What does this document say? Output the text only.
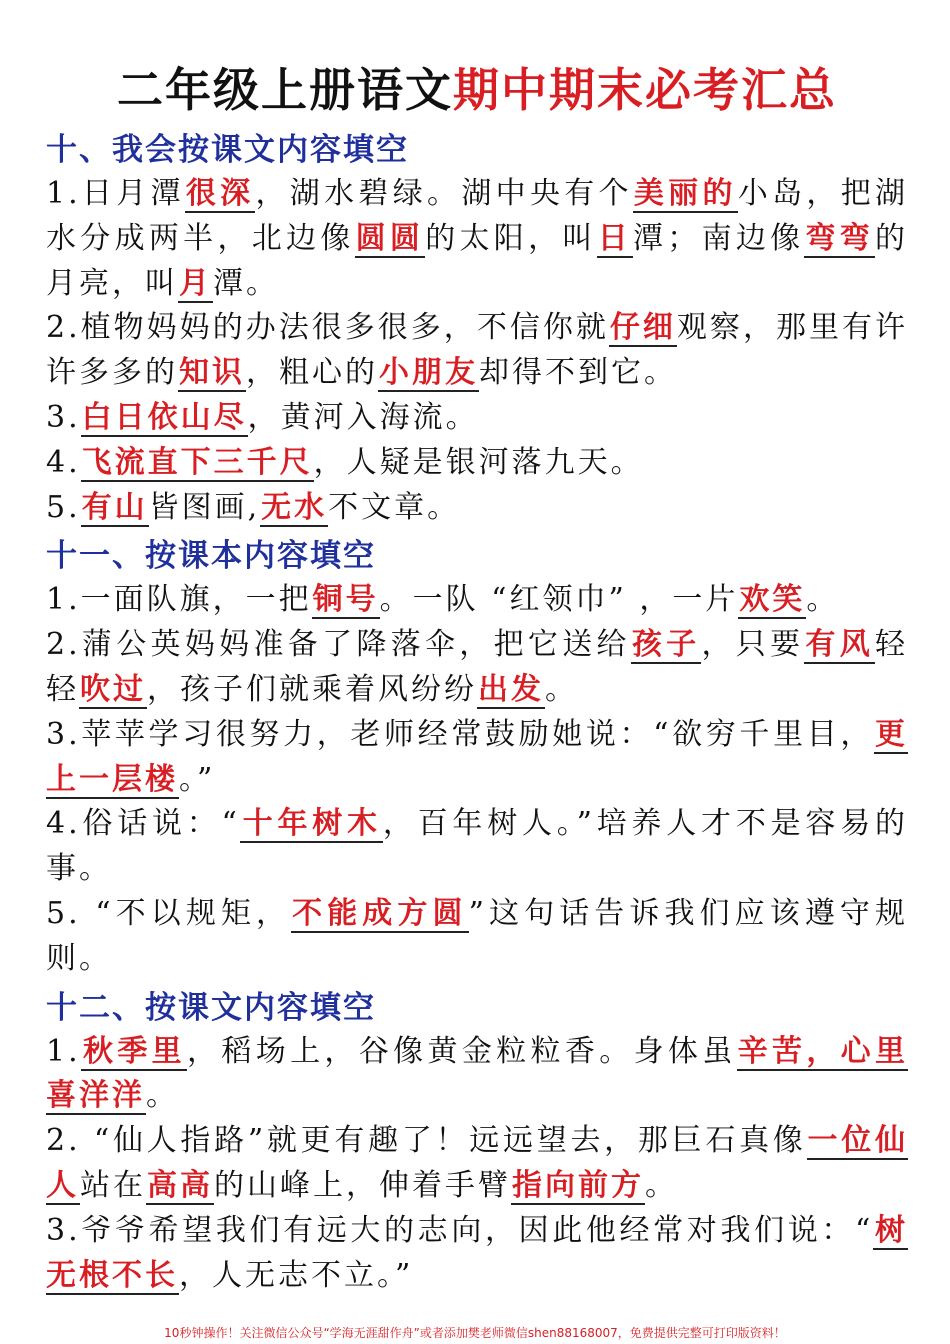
二年级上册语文期中期末必考汇总
十、我会按课文内容填空
1.日月潭很深，湖水碧绿。湖中央有个美丽的小岛，把湖水分成两半，北边像圆圆的太阳，叫日潭；南边像弯弯的月亮，叫月潭。
2.植物妈妈的办法很多很多，不信你就仔细观察，那里有许许多多的知识，粗心的小朋友却得不到它。
3.白日依山尽，黄河入海流。
4.飞流直下三千尺，人疑是银河落九天。
5.有山皆图画,无水不文章。
十一、按课本内容填空
1.一面队旗，一把铜号。一队 “红领巾” ，一片欢笑。
2.蒲公英妈妈准备了降落伞，把它送给孩子，只要有风轻轻吹过，孩子们就乘着风纷纷出发。
3.苹苹学习很努力，老师经常鼓励她说：“欲穷千里目，更上一层楼。”
4.俗话说：“十年树木，百年树人。”培养人才不是容易的事。
5. “不以规矩，不能成方圆”这句话告诉我们应该遵守规则。
十二、按课文内容填空
1.秋季里，稻场上，谷像黄金粒粒香。身体虽辛苦，心里喜洋洋。
2. “仙人指路”就更有趣了！远远望去，那巨石真像一位仙人站在高高的山峰上，伸着手臂指向前方。
3.爷爷希望我们有远大的志向，因此他经常对我们说：“树无根不长，人无志不立。”
10秒钟操作！关注微信公众号“学海无涯甜作舟”或者添加樊老师微信shen88168007，免费提供完整可打印版资料！
